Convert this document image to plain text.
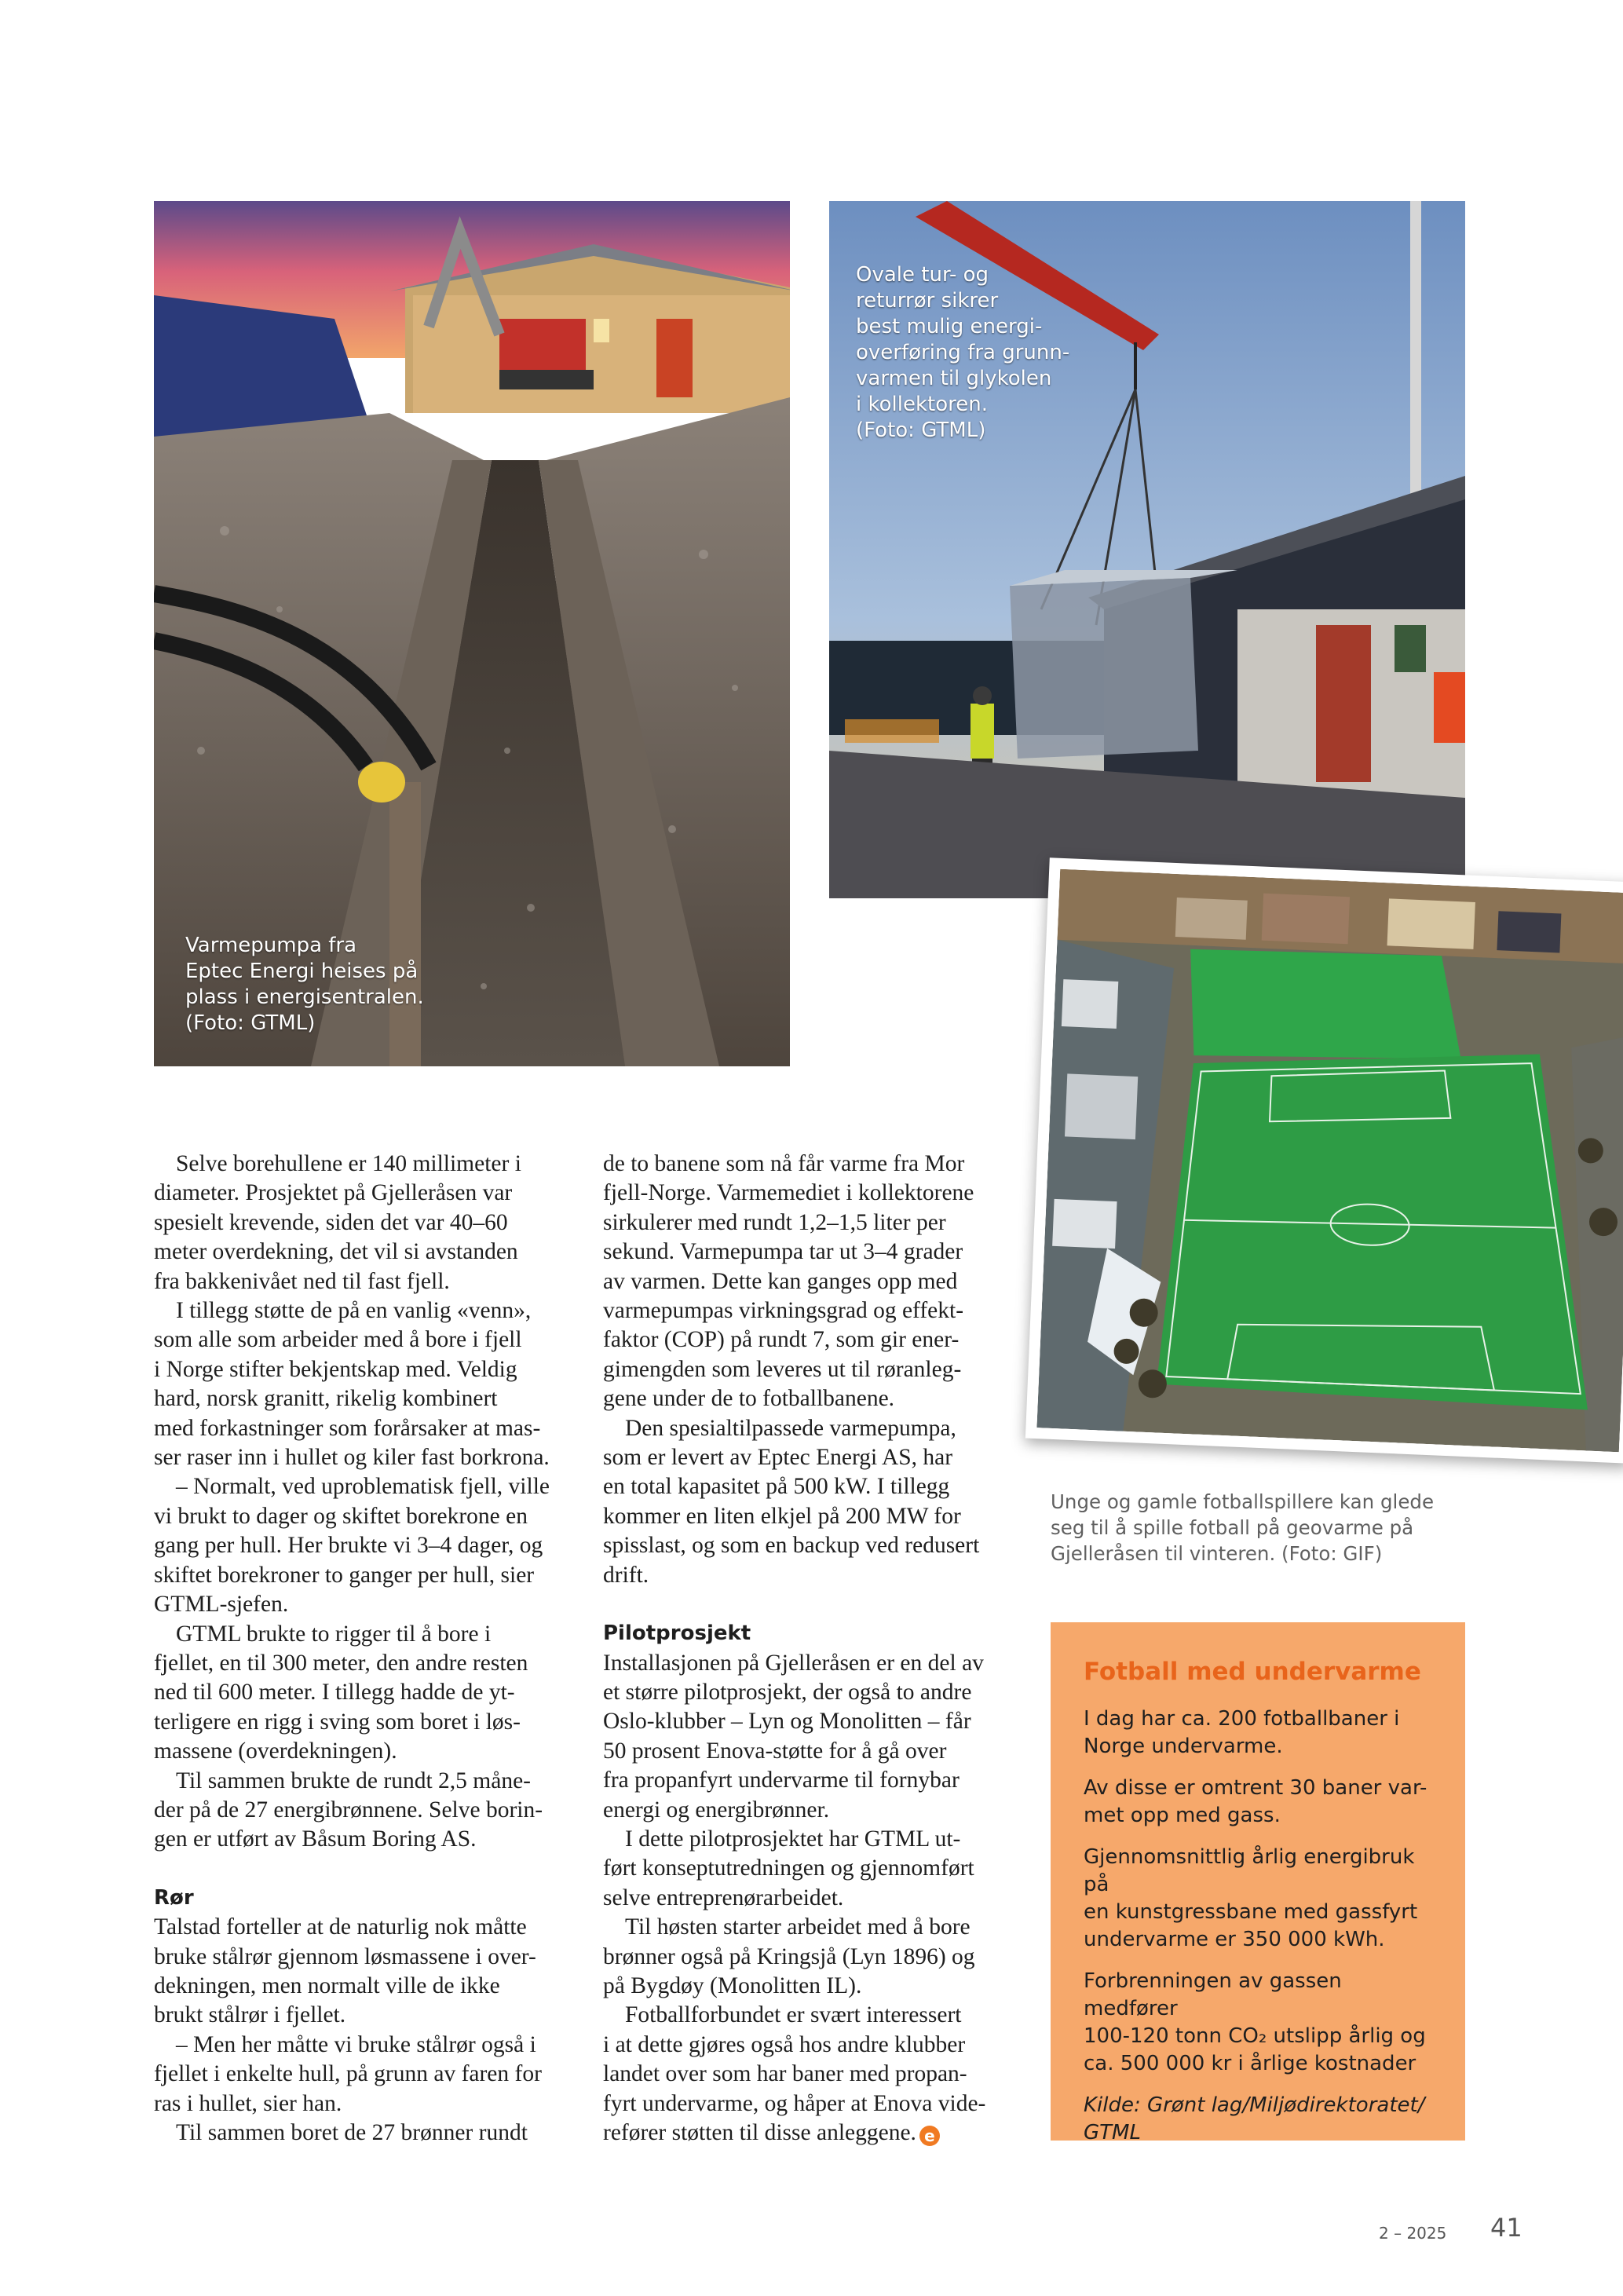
Varmepumpa fra
Eptec Energi heises på
plass i energisentralen.
(Foto: GTML)
Ovale tur- og
returrør sikrer
best mulig energi-
overføring fra grunn-
varmen til glykolen
i kollektoren.
(Foto: GTML)
Unge og gamle fotballspillere kan glede seg til å spille fotball på geovarme på Gjelleråsen til vinteren. (Foto: GIF)

Selve borehullene er 140 millimeter i
diameter. Prosjektet på Gjelleråsen var
spesielt krevende, siden det var 40–60
meter overdekning, det vil si avstanden
fra bakkenivået ned til fast fjell.

I tillegg støtte de på en vanlig «venn»,
som alle som arbeider med å bore i fjell
i Norge stifter bekjentskap med. Veldig
hard, norsk granitt, rikelig kombinert
med forkastninger som forårsaker at mas-
ser raser inn i hullet og kiler fast borkrona.

– Normalt, ved uproblematisk fjell, ville
vi brukt to dager og skiftet borekrone en
gang per hull. Her brukte vi 3–4 dager, og
skiftet borekroner to ganger per hull, sier
GTML-sjefen.

GTML brukte to rigger til å bore i
fjellet, en til 300 meter, den andre resten
ned til 600 meter. I tillegg hadde de yt-
terligere en rigg i sving som boret i løs-
massene (overdekningen).

Til sammen brukte de rundt 2,5 måne-
der på de 27 energibrønnene. Selve borin-
gen er utført av Båsum Boring AS.

Rør

Talstad forteller at de naturlig nok måtte
bruke stålrør gjennom løsmassene i over-
dekningen, men normalt ville de ikke
brukt stålrør i fjellet.

– Men her måtte vi bruke stålrør også i
fjellet i enkelte hull, på grunn av faren for
ras i hullet, sier han.

Til sammen boret de 27 brønner rundt

de to banene som nå får varme fra Mor
fjell-Norge. Varmemediet i kollektorene
sirkulerer med rundt 1,2–1,5 liter per
sekund. Varmepumpa tar ut 3–4 grader
av varmen. Dette kan ganges opp med
varmepumpas virkningsgrad og effekt-
faktor (COP) på rundt 7, som gir ener-
gimengden som leveres ut til røranleg-
gene under de to fotballbanene.

Den spesialtilpassede varmepumpa,
som er levert av Eptec Energi AS, har
en total kapasitet på 500 kW. I tillegg
kommer en liten elkjel på 200 MW for
spisslast, og som en backup ved redusert
drift.

Pilotprosjekt

Installasjonen på Gjelleråsen er en del av
et større pilotprosjekt, der også to andre
Oslo-klubber – Lyn og Monolitten – får
50 prosent Enova-støtte for å gå over
fra propanfyrt undervarme til fornybar
energi og energibrønner.

I dette pilotprosjektet har GTML ut-
ført konseptutredningen og gjennomført
selve entreprenørarbeidet.

Til høsten starter arbeidet med å bore
brønner også på Kringsjå (Lyn 1896) og
på Bygdøy (Monolitten IL).

Fotballforbundet er svært interessert
i at dette gjøres også hos andre klubber
landet over som har baner med propan-
fyrt undervarme, og håper at Enova vide-
refører støtten til disse anleggene. e

Fotball med undervarme

I dag har ca. 200 fotballbaner i
Norge undervarme.

Av disse er omtrent 30 baner var-
met opp med gass.

Gjennomsnittlig årlig energibruk på
en kunstgressbane med gassfyrt
undervarme er 350 000 kWh.

Forbrenningen av gassen medfører
100-120 tonn CO₂ utslipp årlig og
ca. 500 000 kr i årlige kostnader

Kilde: Grønt lag/Miljødirektoratet/
GTML

2 – 2025 41
